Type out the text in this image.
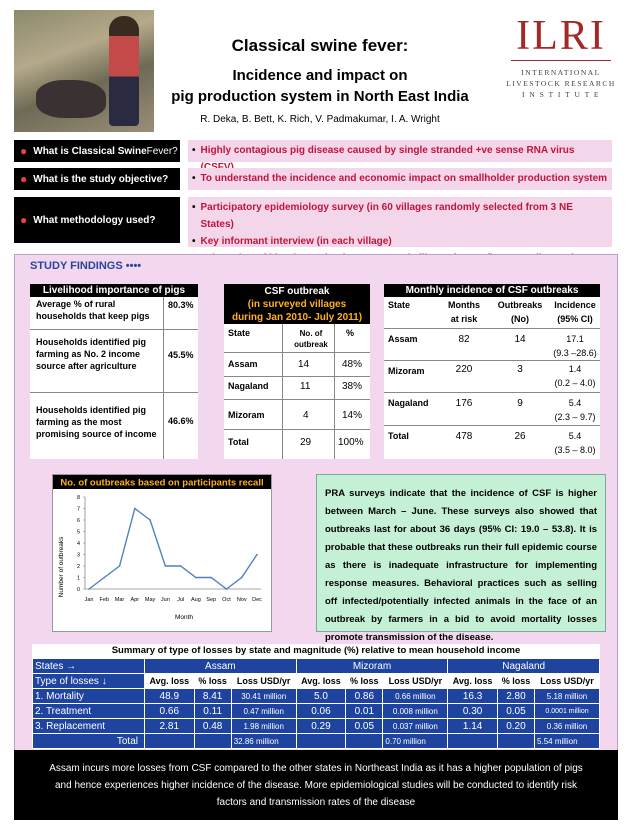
Classical swine fever:
Incidence and impact on
pig production system in North East India
R. Deka, B. Bett, K. Rich, V. Padmakumar, I. A. Wright
ILRI
INTERNATIONAL
LIVESTOCK RESEARCH
I N S T I T U T E
● What is Classical Swine Fever?	• Highly contagious pig disease caused by single stranded +ve sense RNA virus
● What is the study objective?	• To understand the incidence and economic impact on smallholder production system
● What methodology used?
• Participatory epidemiology survey (in 60 villages randomly selected from 3 NE States)
• Key informant interview (in each village)
•
STUDY FINDINGS ••••
Livelihood importance of pigs
Average % of rural households that keep pigs
80.3%
Households identified pig farming as No. 2 income source after agriculture
45.5%
Households identified pig farming as the most promising source of income
46.6%
CSF outbreak
(in surveyed villages
during Jan 2010- July 2011)
State	No. of outbreak
%
Assam	14	48%
Nagaland	11	38%
Mizoram	4	14%
Total	29	100%
Monthly incidence of CSF outbreaks
State	Months
at risk
Outbreaks
(No)
Incidence
(95% CI)
Assam	82	14	17.1
(9.3 –28.6)
Mizoram	220	3	1.4
(0.2 – 4.0)
Nagaland	176	9	5.4
(2.3 – 9.7)
Total	478	26	5.4
(3.5 – 8.0)
No. of outbreaks based on participants recall
Number of outbreaks
Month
0
1
2
3
4
5
6
7
8
Jan Feb Mar Apr May Jun Jul Aug Sep Oct Nov Dec

PRA surveys indicate that the incidence of CSF is higher between March – June. These surveys also showed that outbreaks last for about 36 days (95% CI: 19.0 – 53.8). It is probable that these outbreaks run their full epidemic course as there is inadequate infrastructure for implementing response measures. Behavioral practices such as selling off infected/potentially infected animals in the face of an outbreak by farmers in a bid to avoid mortality losses promote transmission of the disease.

Summary of type of losses by state and magnitude (%) relative to mean household income
States →	Assam			Mizoram			Nagaland		
Type of losses ↓	Avg. loss	% loss	Loss USD/yr	Avg. loss	% loss	Loss USD/yr	Avg. loss	% loss	Loss USD/yr
1. Mortality	48.9	8.41	30.41 million	5.0	0.86	0.66 million	16.3	2.80	5.18 million
2. Treatment	0.66	0.11	0.47 million	0.06	0.01	0.008 million	0.30	0.05	0.0001 million
3. Replacement	2.81	0.48	1.98 million	0.29	0.05	0.037 million	1.14	0.20	0.36 million
Total			32.86 million			0.70 million			5.54 million
Assam incurs more losses from CSF compared to the other states in Northeast India as it has a higher population of pigs and hence experiences higher incidence of the disease. More epidemiological studies will be conducted to identify risk factors and transmission rates of the disease
